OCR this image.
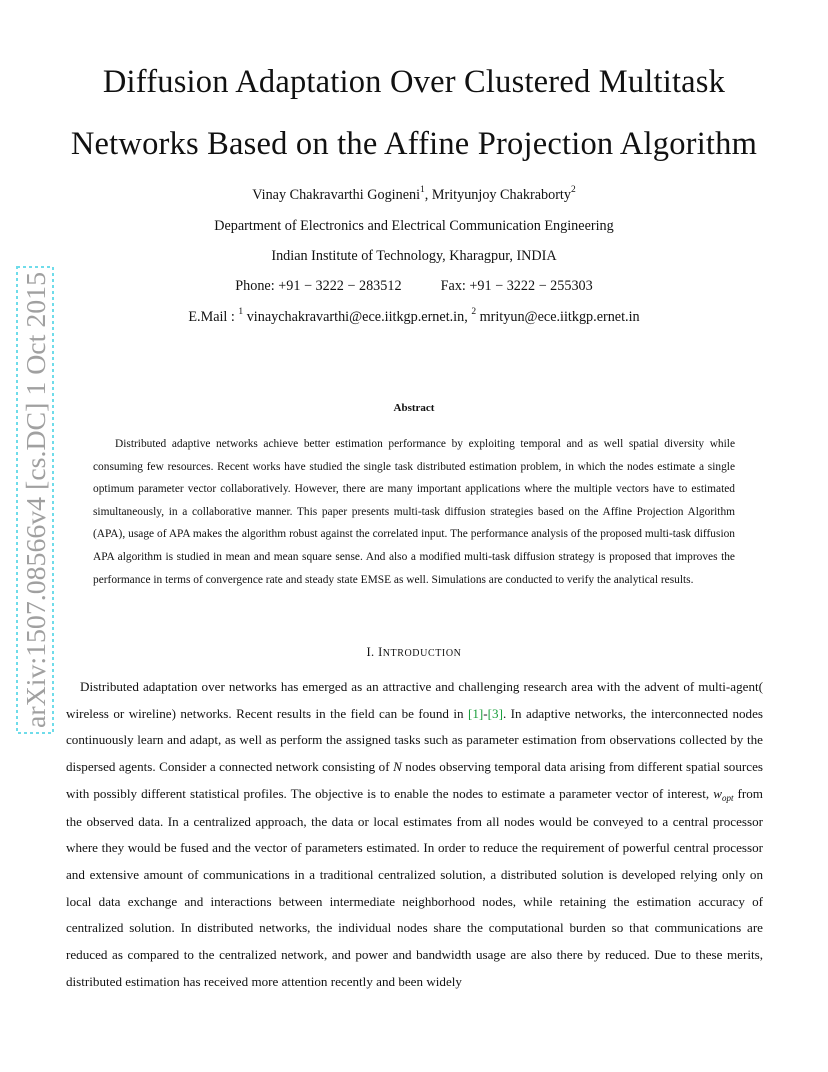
arXiv:1507.08566v4 [cs.DC] 1 Oct 2015
Diffusion Adaptation Over Clustered Multitask
Networks Based on the Affine Projection Algorithm
Vinay Chakravarthi Gogineni$^1$, Mrityunjoy Chakraborty$^2$
Department of Electronics and Electrical Communication Engineering
Indian Institute of Technology, Kharagpur, INDIA
Phone: +91 − 3222 − 283512	Fax: +91 − 3222 − 255303
E.Mail : $^1$ vinaychakravarthi@ece.iitkgp.ernet.in, $^2$ mrityun@ece.iitkgp.ernet.in
Abstract

Distributed adaptive networks achieve better estimation performance by exploiting temporal and as well spatial diversity while consuming few resources. Recent works have studied the single task distributed estimation problem, in which the nodes estimate a single optimum parameter vector collaboratively. However, there are many important applications where the multiple vectors have to estimated simultaneously, in a collaborative manner. This paper presents multi-task diffusion strategies based on the Affine Projection Algorithm (APA), usage of APA makes the algorithm robust against the correlated input. The performance analysis of the proposed multi-task diffusion APA algorithm is studied in mean and mean square sense. And also a modified multi-task diffusion strategy is proposed that improves the performance in terms of convergence rate and steady state EMSE as well. Simulations are conducted to verify the analytical results.

I. INTRODUCTION

Distributed adaptation over networks has emerged as an attractive and challenging research area with the advent of multi-agent( wireless or wireline) networks. Recent results in the field can be found in [1]-[3]. In adaptive networks, the interconnected nodes continuously learn and adapt, as well as perform the assigned tasks such as parameter estimation from observations collected by the dispersed agents. Consider a connected network consisting of N nodes observing temporal data arising from different spatial sources with possibly different statistical profiles. The objective is to enable the nodes to estimate a parameter vector of interest, $w_{opt}$ from the observed data. In a centralized approach, the data or local estimates from all nodes would be conveyed to a central processor where they would be fused and the vector of parameters estimated. In order to reduce the requirement of powerful central processor and extensive amount of communications in a traditional centralized solution, a distributed solution is developed relying only on local data exchange and interactions between intermediate neighborhood nodes, while retaining the estimation accuracy of centralized solution. In distributed networks, the individual nodes share the computational burden so that communications are reduced as compared to the centralized network, and power and bandwidth usage are also there by reduced. Due to these merits, distributed estimation has received more attention recently and been widely
